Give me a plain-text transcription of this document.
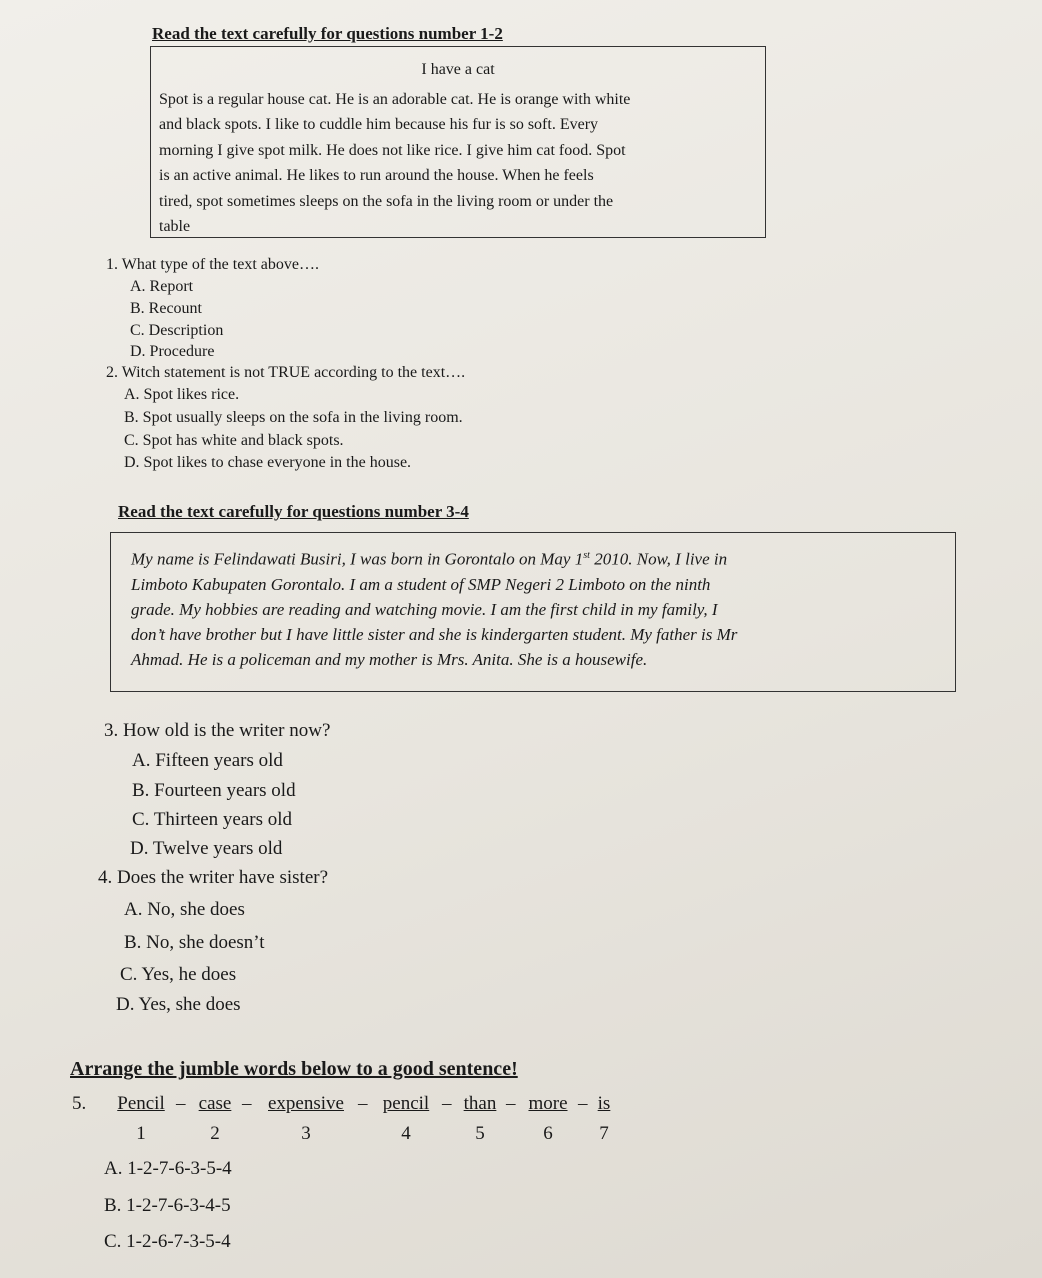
Read the text carefully for questions number 1-2

I have a cat

Spot is a regular house cat. He is an adorable cat. He is orange with white

and black spots. I like to cuddle him because his fur is so soft. Every

morning I give spot milk. He does not like rice. I give him cat food. Spot

is an active animal. He likes to run around the house. When he feels

tired, spot sometimes sleeps on the sofa in the living room or under the

table

1. What type of the text above….
A. Report
B. Recount
C. Description
D. Procedure
2. Witch statement is not TRUE according to the text….
A. Spot likes rice.
B. Spot usually sleeps on the sofa in the living room.
C. Spot has white and black spots.
D. Spot likes to chase everyone in the house.
Read the text carefully for questions number 3-4

My name is Felindawati Busiri, I was born in Gorontalo on May 1st 2010. Now, I live in

Limboto Kabupaten Gorontalo. I am a student of SMP Negeri 2 Limboto on the ninth

grade. My hobbies are reading and watching movie. I am the first child in my family, I

don’t have brother but I have little sister and she is kindergarten student. My father is Mr

Ahmad. He is a policeman and my mother is Mrs. Anita. She is a housewife.

3. How old is the writer now?
A. Fifteen years old
B. Fourteen years old
C. Thirteen years old
D. Twelve years old
4. Does the writer have sister?
A. No, she does
B. No, she doesn’t
C. Yes, he does
D. Yes, she does
Arrange the jumble words below to a good sentence!
5.	Pencil
1
– case
2
– expensive
3
– pencil
4
– than
5
– more
6
– is
7
A. 1-2-7-6-3-5-4
B. 1-2-7-6-3-4-5
C. 1-2-6-7-3-5-4
